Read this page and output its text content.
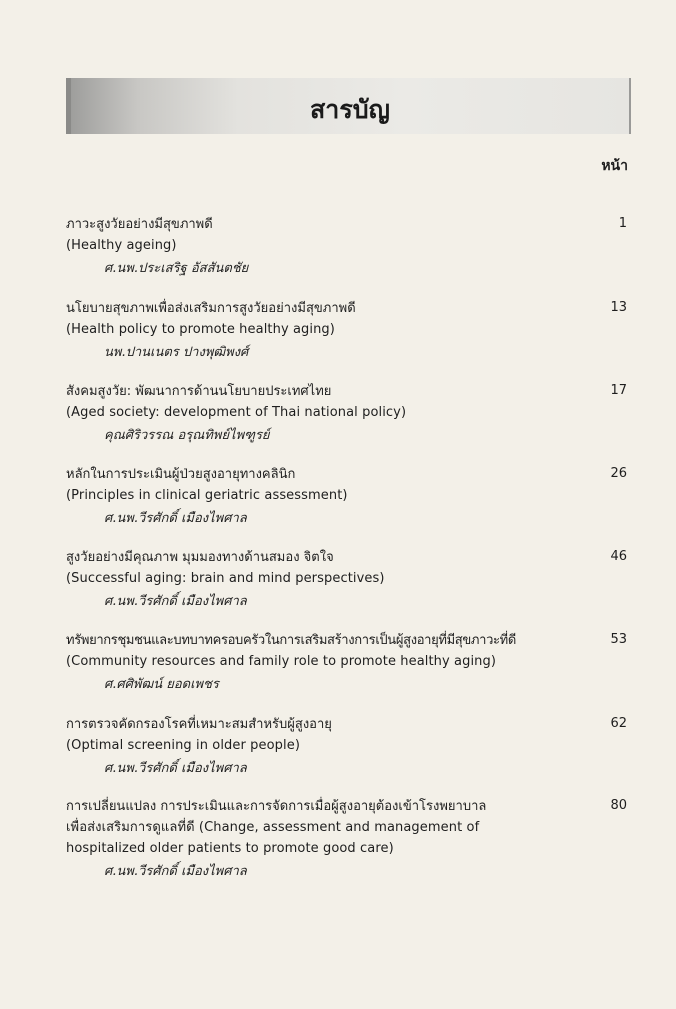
สารบัญ
หน้า
ภาวะสูงวัยอย่างมีสุขภาพดี
(Healthy ageing)
ศ.นพ.ประเสริฐ อัสสันตชัย
1
นโยบายสุขภาพเพื่อส่งเสริมการสูงวัยอย่างมีสุขภาพดี
(Health policy to promote healthy aging)
นพ.ปานเนตร ปางพุฒิพงศ์
13
สังคมสูงวัย: พัฒนาการด้านนโยบายประเทศไทย
(Aged society: development of Thai national policy)
คุณศิริวรรณ อรุณทิพย์ไพฑูรย์
17
หลักในการประเมินผู้ป่วยสูงอายุทางคลินิก
(Principles in clinical geriatric assessment)
ศ.นพ.วีรศักดิ์ เมืองไพศาล
26
สูงวัยอย่างมีคุณภาพ มุมมองทางด้านสมอง จิตใจ
(Successful aging: brain and mind perspectives)
ศ.นพ.วีรศักดิ์ เมืองไพศาล
46
ทรัพยากรชุมชนและบทบาทครอบครัวในการเสริมสร้างการเป็นผู้สูงอายุที่มีสุขภาวะที่ดี
(Community resources and family role to promote healthy aging)
ศ.ศศิพัฒน์ ยอดเพชร
53
การตรวจคัดกรองโรคที่เหมาะสมสำหรับผู้สูงอายุ
(Optimal screening in older people)
ศ.นพ.วีรศักดิ์ เมืองไพศาล
62
การเปลี่ยนแปลง การประเมินและการจัดการเมื่อผู้สูงอายุต้องเข้าโรงพยาบาล
เพื่อส่งเสริมการดูแลที่ดี (Change, assessment and management of
hospitalized older patients to promote good care)
ศ.นพ.วีรศักดิ์ เมืองไพศาล
80
